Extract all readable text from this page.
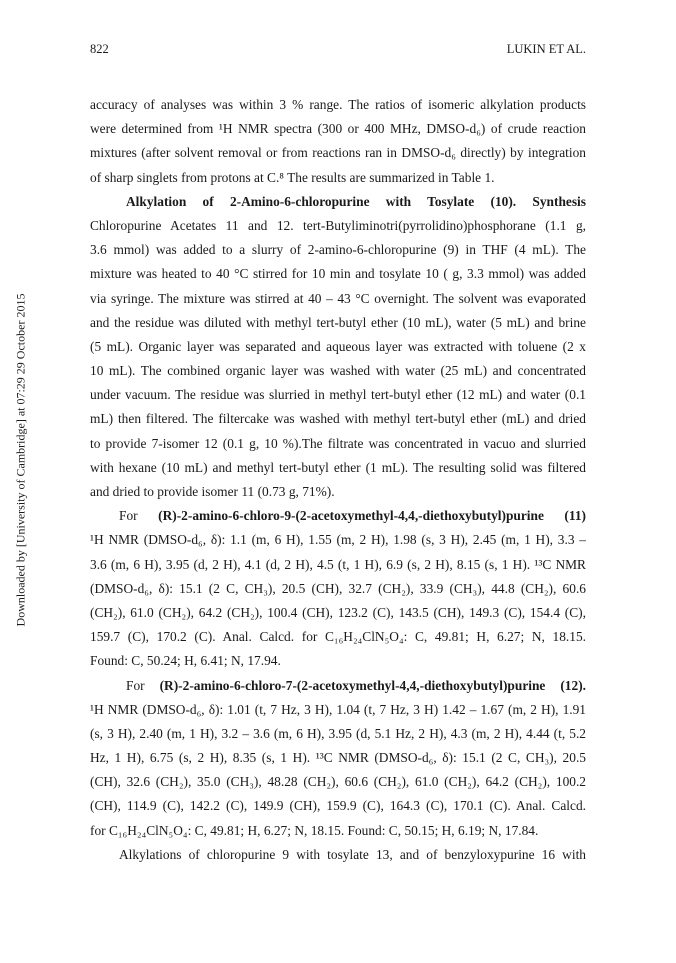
822	LUKIN ET AL.
Downloaded by [University of Cambridge] at 07:29 29 October 2015
accuracy of analyses was within 3 % range. The ratios of isomeric alkylation products
were determined from ¹H NMR spectra (300 or 400 MHz, DMSO-d₆) of crude reaction
mixtures (after solvent removal or from reactions ran in DMSO-d₆ directly) by integration
of sharp singlets from protons at C.⁸ The results are summarized in Table 1.
Alkylation of 2-Amino-6-chloropurine with Tosylate (10). Synthesis
Chloropurine Acetates 11 and 12. tert-Butyliminotri(pyrrolidino)phosphorane (1.1 g,
3.6 mmol) was added to a slurry of 2-amino-6-chloropurine (9) in THF (4 mL). The
mixture was heated to 40 °C stirred for 10 min and tosylate 10 ( g, 3.3 mmol) was added
via syringe. The mixture was stirred at 40 – 43 °C overnight. The solvent was evaporated
and the residue was diluted with methyl tert-butyl ether (10 mL), water (5 mL) and brine
(5 mL). Organic layer was separated and aqueous layer was extracted with toluene (2 x
10 mL). The combined organic layer was washed with water (25 mL) and concentrated
under vacuum. The residue was slurried in methyl tert-butyl ether (12 mL) and water (0.1
mL) then filtered. The filtercake was washed with methyl tert-butyl ether (mL) and dried
to provide 7-isomer 12 (0.1 g, 10 %).The filtrate was concentrated in vacuo and slurried
with hexane (10 mL) and methyl tert-butyl ether (1 mL). The resulting solid was filtered
and dried to provide isomer 11 (0.73 g, 71%).
For (R)-2-amino-6-chloro-9-(2-acetoxymethyl-4,4,-diethoxybutyl)purine (11)
¹H NMR (DMSO-d₆, δ): 1.1 (m, 6 H), 1.55 (m, 2 H), 1.98 (s, 3 H), 2.45 (m, 1 H), 3.3 –
3.6 (m, 6 H), 3.95 (d, 2 H), 4.1 (d, 2 H), 4.5 (t, 1 H), 6.9 (s, 2 H), 8.15 (s, 1 H). ¹³C NMR
(DMSO-d₆, δ): 15.1 (2 C, CH₃), 20.5 (CH), 32.7 (CH₂), 33.9 (CH₃), 44.8 (CH₂), 60.6
(CH₂), 61.0 (CH₂), 64.2 (CH₂), 100.4 (CH), 123.2 (C), 143.5 (CH), 149.3 (C), 154.4 (C),
159.7 (C), 170.2 (C). Anal. Calcd. for C₁₆H₂₄ClN₅O₄: C, 49.81; H, 6.27; N, 18.15.
Found: C, 50.24; H, 6.41; N, 17.94.
For (R)-2-amino-6-chloro-7-(2-acetoxymethyl-4,4,-diethoxybutyl)purine (12).
¹H NMR (DMSO-d₆, δ): 1.01 (t, 7 Hz, 3 H), 1.04 (t, 7 Hz, 3 H) 1.42 – 1.67 (m, 2 H), 1.91
(s, 3 H), 2.40 (m, 1 H), 3.2 – 3.6 (m, 6 H), 3.95 (d, 5.1 Hz, 2 H), 4.3 (m, 2 H), 4.44 (t, 5.2
Hz, 1 H), 6.75 (s, 2 H), 8.35 (s, 1 H). ¹³C NMR (DMSO-d₆, δ): 15.1 (2 C, CH₃), 20.5
(CH), 32.6 (CH₂), 35.0 (CH₃), 48.28 (CH₂), 60.6 (CH₂), 61.0 (CH₂), 64.2 (CH₂), 100.2
(CH), 114.9 (C), 142.2 (C), 149.9 (CH), 159.9 (C), 164.3 (C), 170.1 (C). Anal. Calcd.
for C₁₆H₂₄ClN₅O₄: C, 49.81; H, 6.27; N, 18.15. Found: C, 50.15; H, 6.19; N, 17.84.
Alkylations of chloropurine 9 with tosylate 13, and of benzyloxypurine 16 with
